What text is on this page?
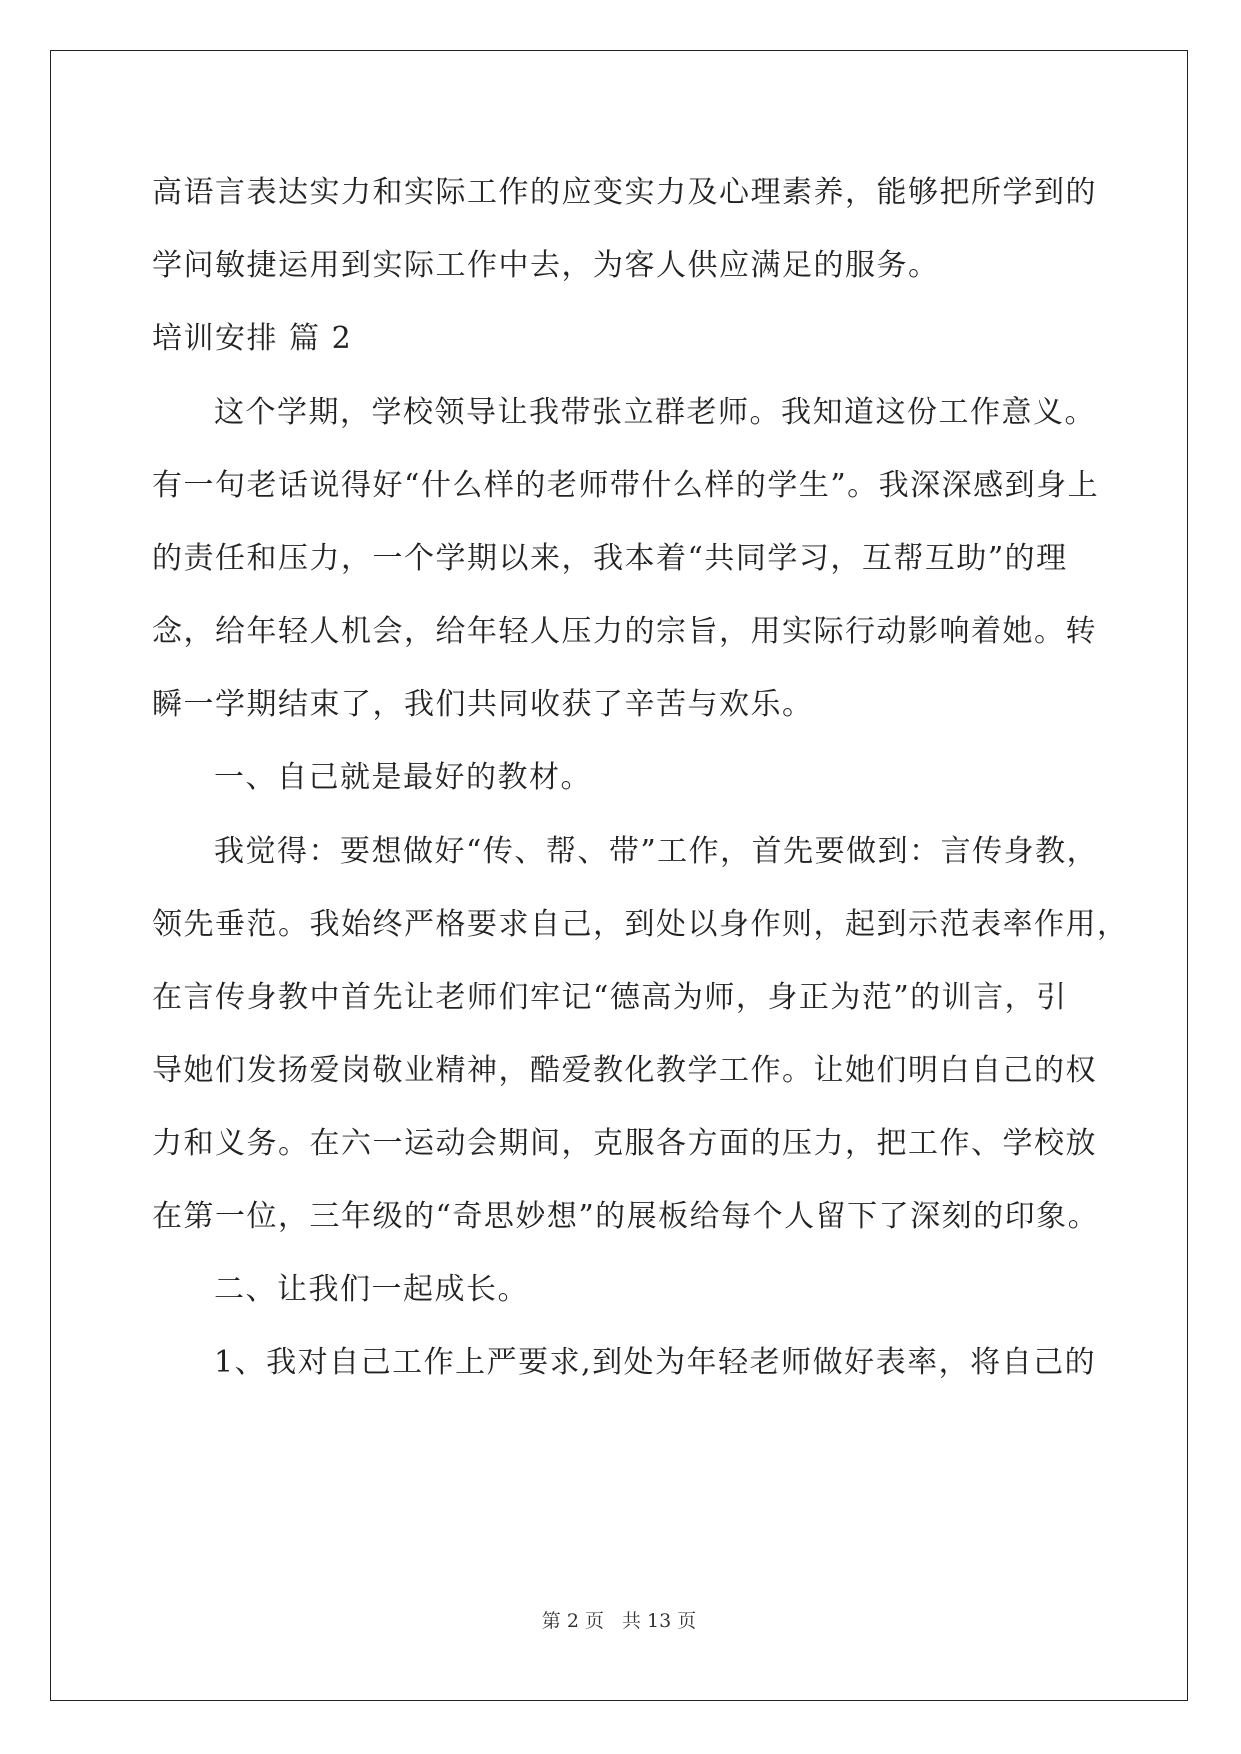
高语言表达实力和实际工作的应变实力及心理素养，能够把所学到的
学问敏捷运用到实际工作中去，为客人供应满足的服务。
培训安排 篇 2
这个学期，学校领导让我带张立群老师。我知道这份工作意义。
有一句老话说得好“什么样的老师带什么样的学生”。我深深感到身上
的责任和压力，一个学期以来，我本着“共同学习，互帮互助”的理
念，给年轻人机会，给年轻人压力的宗旨，用实际行动影响着她。转
瞬一学期结束了，我们共同收获了辛苦与欢乐。
一、自己就是最好的教材。
我觉得：要想做好“传、帮、带”工作，首先要做到：言传身教，
领先垂范。我始终严格要求自己，到处以身作则，起到示范表率作用，
在言传身教中首先让老师们牢记“德高为师，身正为范”的训言，引
导她们发扬爱岗敬业精神，酷爱教化教学工作。让她们明白自己的权
力和义务。在六一运动会期间，克服各方面的压力，把工作、学校放
在第一位，三年级的“奇思妙想”的展板给每个人留下了深刻的印象。
二、让我们一起成长。
1、我对自己工作上严要求,到处为年轻老师做好表率，将自己的
第 2 页 共 13 页
